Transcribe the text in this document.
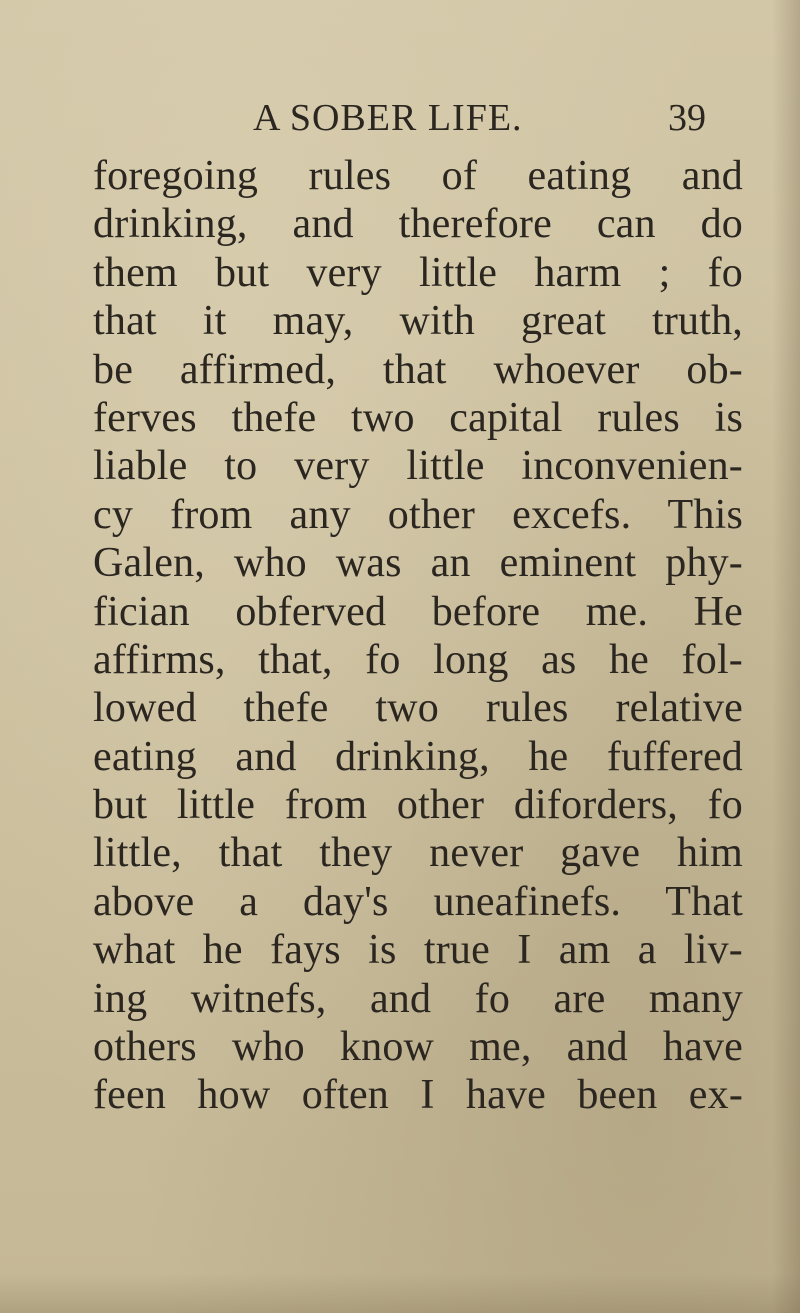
A SOBER LIFE.	39
foregoing rules of eating and
drinking, and therefore can do
them but very little harm ; fo
that it may, with great truth,
be affirmed, that whoever ob-
ferves thefe two capital rules is
liable to very little inconvenien-
cy from any other excefs. This
Galen, who was an eminent phy-
fician obferved before me. He
affirms, that, fo long as he fol-
lowed thefe two rules relative
eating and drinking, he fuffered
but little from other diforders, fo
little, that they never gave him
above a day's uneafinefs. That
what he fays is true I am a liv-
ing witnefs, and fo are many
others who know me, and have
feen how often I have been ex-
